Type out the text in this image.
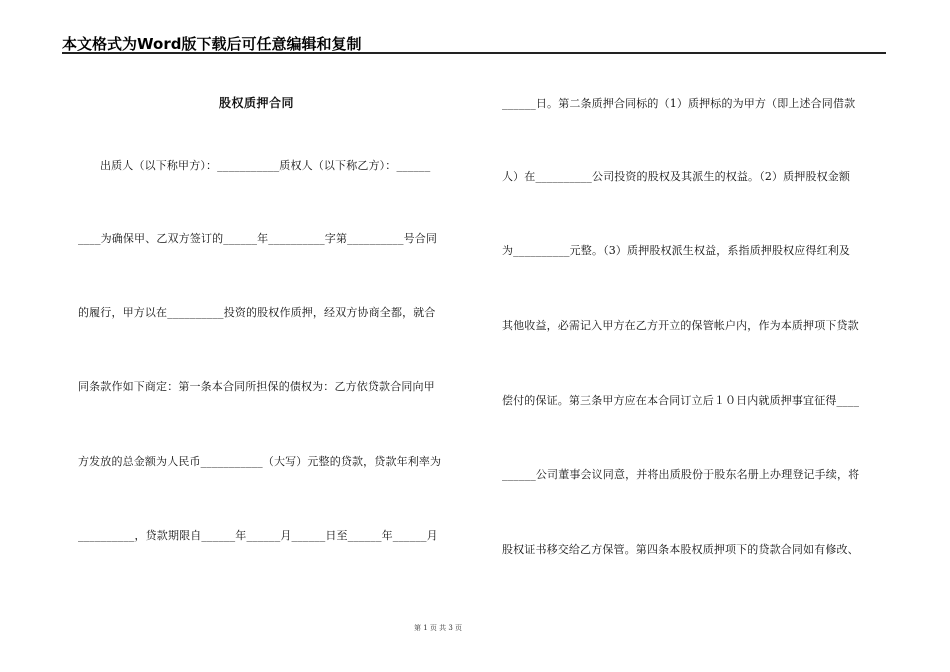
本文格式为Word版下载后可任意编辑和复制
股权质押合同
出质人（以下称甲方）：___________质权人（以下称乙方）：______
____为确保甲、乙双方签订的______年__________字第__________号合同
的履行，甲方以在__________投资的股权作质押，经双方协商全都，就合
同条款作如下商定：第一条本合同所担保的债权为：乙方依贷款合同向甲
方发放的总金额为人民币___________（大写）元整的贷款，贷款年利率为
__________，贷款期限自______年______月______日至______年______月
______日。第二条质押合同标的（1）质押标的为甲方（即上述合同借款
人）在__________公司投资的股权及其派生的权益。（2）质押股权金额
为__________元整。（3）质押股权派生权益，系指质押股权应得红利及
其他收益，必需记入甲方在乙方开立的保管帐户内，作为本质押项下贷款
偿付的保证。第三条甲方应在本合同订立后１０日内就质押事宜征得____
______公司董事会议同意，并将出质股份于股东名册上办理登记手续，将
股权证书移交给乙方保管。第四条本股权质押项下的贷款合同如有修改、
第 1 页 共 3 页
